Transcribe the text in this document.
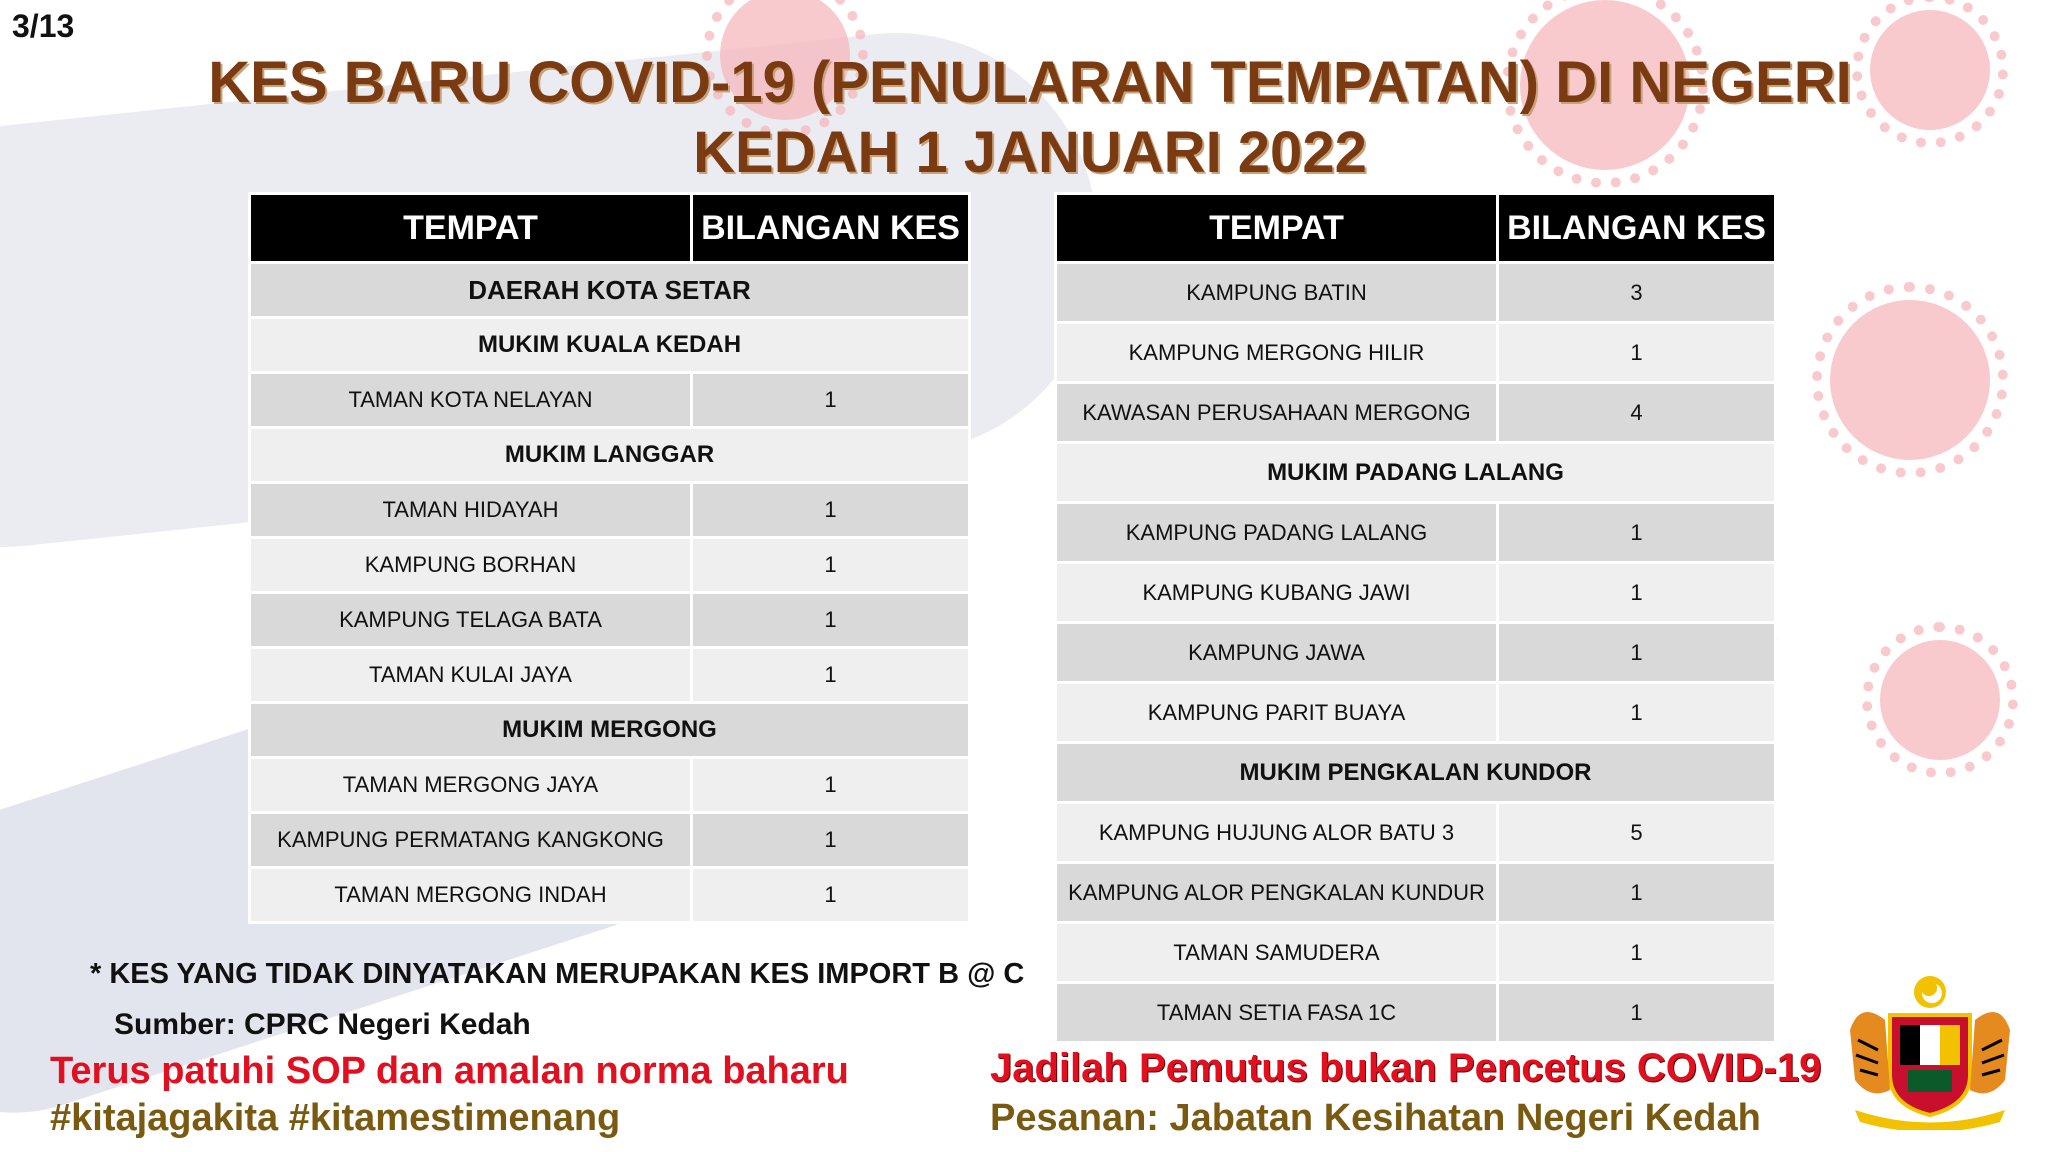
3/13
KES BARU COVID-19 (PENULARAN TEMPATAN) DI NEGERI
KEDAH 1 JANUARI 2022
TEMPAT	BILANGAN KES
DAERAH KOTA SETAR	
MUKIM KUALA KEDAH	
TAMAN KOTA NELAYAN	1
MUKIM LANGGAR	
TAMAN HIDAYAH	1
KAMPUNG BORHAN	1
KAMPUNG TELAGA BATA	1
TAMAN KULAI JAYA	1
MUKIM MERGONG	
TAMAN MERGONG JAYA	1
KAMPUNG PERMATANG KANGKONG	1
TAMAN MERGONG INDAH	1
TEMPAT	BILANGAN KES
KAMPUNG BATIN	3
KAMPUNG MERGONG HILIR	1
KAWASAN PERUSAHAAN MERGONG	4
MUKIM PADANG LALANG	
KAMPUNG PADANG LALANG	1
KAMPUNG KUBANG JAWI	1
KAMPUNG JAWA	1
KAMPUNG PARIT BUAYA	1
MUKIM PENGKALAN KUNDOR	
KAMPUNG HUJUNG ALOR BATU 3	5
KAMPUNG ALOR PENGKALAN KUNDUR	1
TAMAN SAMUDERA	1
TAMAN SETIA FASA 1C	1
* KES YANG TIDAK DINYATAKAN MERUPAKAN KES IMPORT B @ C
Sumber: CPRC Negeri Kedah
Terus patuhi SOP dan amalan norma baharu
#kitajagakita #kitamestimenang
Jadilah Pemutus bukan Pencetus COVID-19
Pesanan: Jabatan Kesihatan Negeri Kedah
